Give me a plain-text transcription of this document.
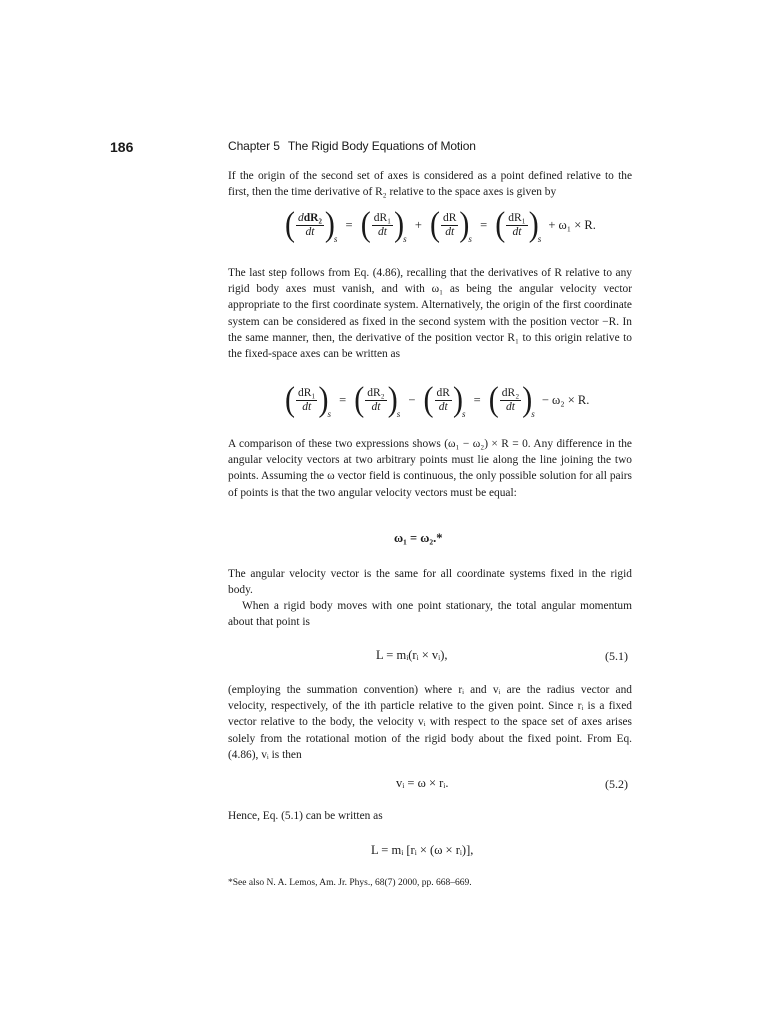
186	Chapter 5 The Rigid Body Equations of Motion

If the origin of the second set of axes is considered as a point defined relative to the first, then the time derivative of R₂ relative to the space axes is given by

( $\frac{\text{ddR₂}}{dt}$ ) s
= ( $\frac{\text{dR₁}}{dt}$ ) s
+ ( $\frac{dR}{dt}$ ) s
= ( $\frac{\text{dR₁}}{dt}$ ) s
+ ω₁ × R.

The last step follows from Eq. (4.86), recalling that the derivatives of R relative to any rigid body axes must vanish, and with ω₁ as being the angular velocity vector appropriate to the first coordinate system. Alternatively, the origin of the first coordinate system can be considered as fixed in the second system with the position vector −R. In the same manner, then, the derivative of the position vector R₁ to this origin relative to the fixed-space axes can be written as

( $\frac{\text{dR₁}}{dt}$ ) s
= ( $\frac{\text{dR₂}}{dt}$ ) s
− ( $\frac{dR}{dt}$ ) s
= ( $\frac{\text{dR₂}}{dt}$ ) s
− ω₂ × R.

A comparison of these two expressions shows (ω₁ − ω₂) × R = 0. Any difference in the angular velocity vectors at two arbitrary points must lie along the line joining the two points. Assuming the ω vector field is continuous, the only possible solution for all pairs of points is that the two angular velocity vectors must be equal:

ω₁ = ω₂.*

The angular velocity vector is the same for all coordinate systems fixed in the rigid body.

When a rigid body moves with one point stationary, the total angular momentum about that point is

L = mᵢ(rᵢ × vᵢ),	(5.1)

(employing the summation convention) where rᵢ and vᵢ are the radius vector and velocity, respectively, of the ith particle relative to the given point. Since rᵢ is a fixed vector relative to the body, the velocity vᵢ with respect to the space set of axes arises solely from the rotational motion of the rigid body about the fixed point. From Eq. (4.86), vᵢ is then

vᵢ = ω × rᵢ.	(5.2)

Hence, Eq. (5.1) can be written as

L = mᵢ [rᵢ × (ω × rᵢ)],
*See also N. A. Lemos, Am. Jr. Phys., 68(7) 2000, pp. 668–669.
